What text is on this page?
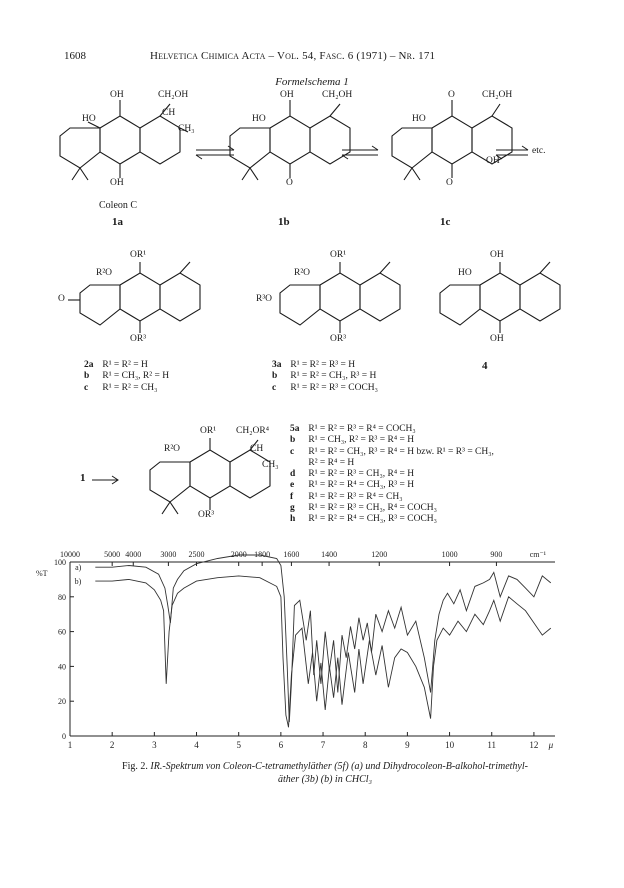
1608	Helvetica Chimica Acta – Vol. 54, Fasc. 6 (1971) – Nr. 171
Formelschema 1
OH	CH₂OH
HO
CH
CH₃
OH
Coleon C
1a
OH	CH₂OH
HO
O
1b
O	CH₂OH
HO
OH
O
etc.
1c
OR¹
R²O
O
OR³
OR¹
R²O
R³O
OR³
OH
HO
OH
4
2a R¹ = R² = H
b R¹ = CH₃, R² = H
c R¹ = R² = CH₃
3a R¹ = R² = R³ = H
b R¹ = R² = CH₃, R³ = H
c R¹ = R² = R³ = COCH₃
OR¹ CH₂OR⁴
R²O	CH
CH₃
OR³
1
5a R¹ = R² = R³ = R⁴ = COCH₃
b R¹ = CH₃, R² = R³ = R⁴ = H
c R¹ = R² = CH₃, R³ = R⁴ = H bzw. R¹ = R³ = CH₃,
R² = R⁴ = H
d R¹ = R² = R³ = CH₃, R⁴ = H
e R¹ = R² = R⁴ = CH₃, R³ = H
f R¹ = R² = R³ = R⁴ = CH₃
g R¹ = R² = R³ = CH₃, R⁴ = COCH₃
h R¹ = R² = R⁴ = CH₃, R³ = COCH₃
1	2	3	4	5	6	7	8	9	10	11	12 μ
10000	5000 4000 3000 2500	2000 1800 1600	1400	1200	1000	900	cm⁻¹
0
20
40
60
80
100
%T
a)
b)
Fig. 2. IR.-Spektrum von Coleon-C-tetramethyläther (5f) (a) und Dihydrocoleon-B-alkohol-trimethyl-
äther (3b) (b) in CHCl₃
